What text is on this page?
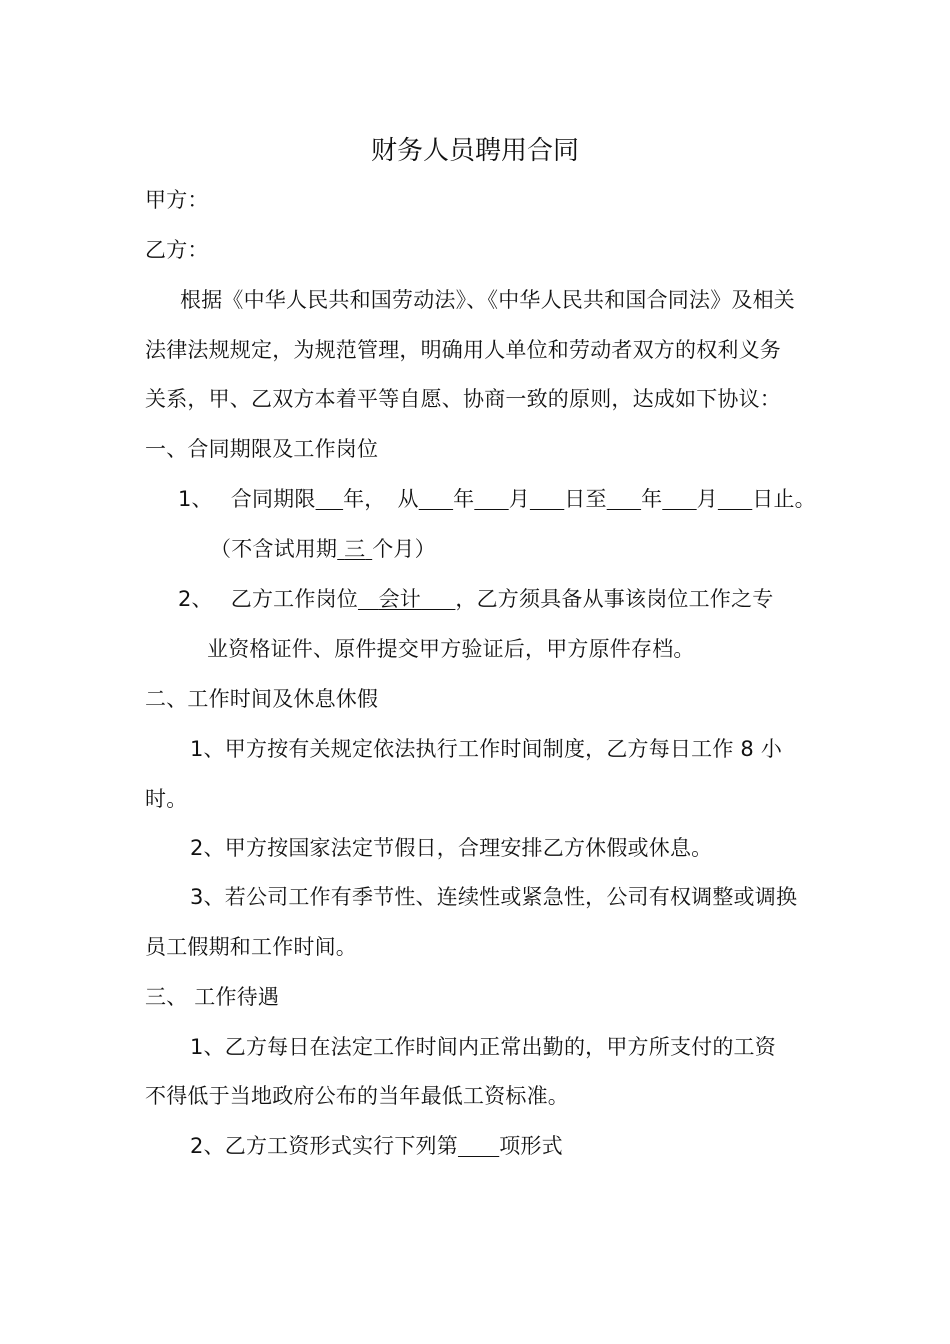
财务人员聘用合同
甲方：
乙方：
根据《中华人民共和国劳动法》、《中华人民共和国合同法》及相关
法律法规规定，为规范管理，明确用人单位和劳动者双方的权利义务
关系，甲、乙双方本着平等自愿、协商一致的原则，达成如下协议：
一、合同期限及工作岗位
1、 合同期限 年， 从 年 月 日至 年 月 日止。
（不含试用期 三 个月）
2、 乙方工作岗位 会计 ，乙方须具备从事该岗位工作之专
业资格证件、原件提交甲方验证后，甲方原件存档。
二、工作时间及休息休假
1、甲方按有关规定依法执行工作时间制度，乙方每日工作 8 小
时。
2、甲方按国家法定节假日，合理安排乙方休假或休息。
3、若公司工作有季节性、连续性或紧急性，公司有权调整或调换
员工假期和工作时间。
三、 工作待遇
1、乙方每日在法定工作时间内正常出勤的，甲方所支付的工资
不得低于当地政府公布的当年最低工资标准。
2、乙方工资形式实行下列第 项形式
